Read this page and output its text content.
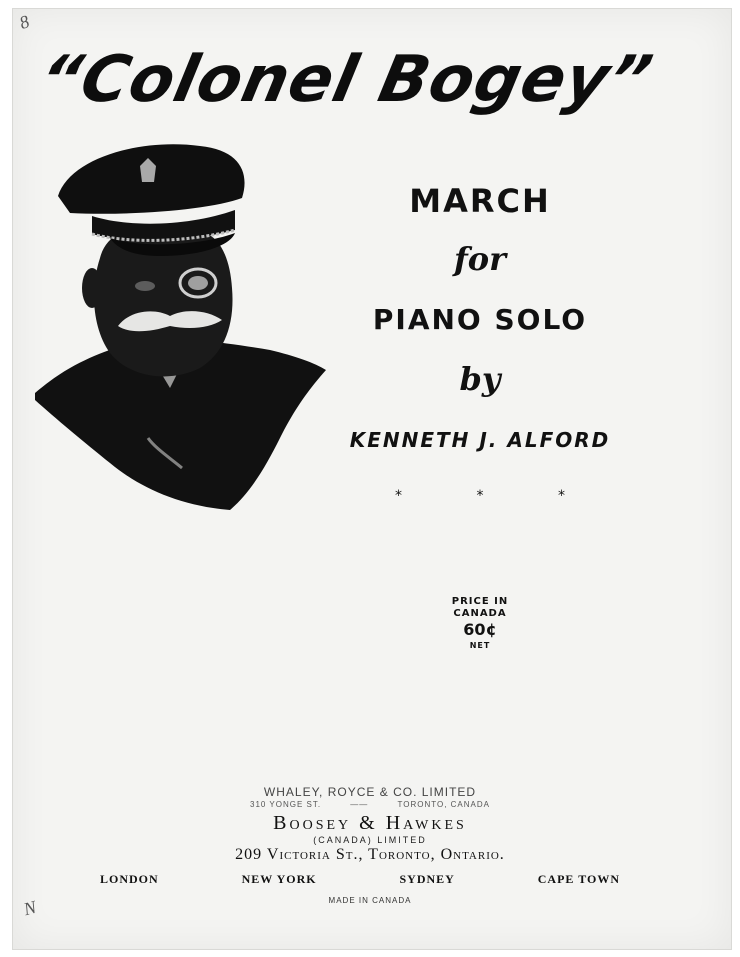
8
N
“Colonel Bogey”
MARCH
for
PIANO SOLO
by
KENNETH J. ALFORD
*	*	*
PRICE IN
CANADA
60¢
NET
WHALEY, ROYCE & CO. LIMITED
310 YONGE ST.	——	TORONTO, CANADA
Boosey & Hawkes
(CANADA) LIMITED
209 Victoria St., Toronto, Ontario.
LONDON	NEW YORK	SYDNEY	CAPE TOWN
MADE IN CANADA
